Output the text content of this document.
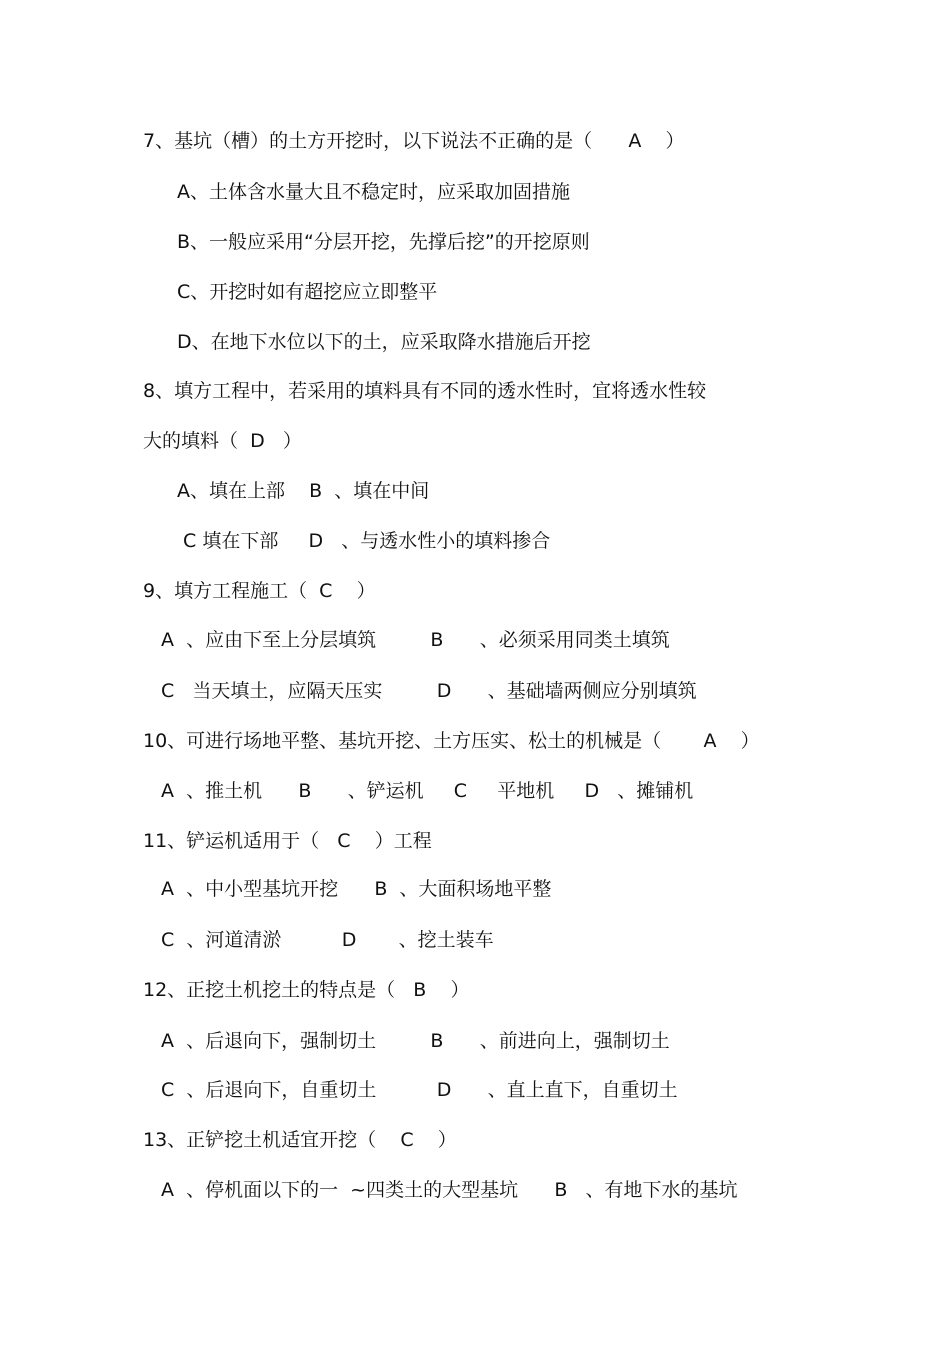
7、基坑（槽）的土方开挖时，以下说法不正确的是（      A    ）
A、土体含水量大且不稳定时，应采取加固措施
B、一般应采用“分层开挖，先撑后挖”的开挖原则
C、开挖时如有超挖应立即整平
D、在地下水位以下的土，应采取降水措施后开挖
8、填方工程中，若采用的填料具有不同的透水性时，宜将透水性较
大的填料（  D   ）
A、填在上部    B  、填在中间
C 填在下部     D   、与透水性小的填料掺合
9、填方工程施工（  C    ）
A  、应由下至上分层填筑         B      、必须采用同类土填筑
C   当天填土，应隔天压实         D      、基础墙两侧应分别填筑
10、可进行场地平整、基坑开挖、土方压实、松土的机械是（       A    ）
A  、推土机      B      、铲运机     C     平地机     D   、摊铺机
11、铲运机适用于（   C    ）工程
A  、中小型基坑开挖      B  、大面积场地平整
C  、河道清淤          D       、挖土装车
12、正挖土机挖土的特点是（   B    ）
A  、后退向下，强制切土         B      、前进向上，强制切土
C  、后退向下，自重切土          D      、直上直下，自重切土
13、正铲挖土机适宜开挖（    C    ）
A  、停机面以下的一  ~四类土的大型基坑      B   、有地下水的基坑
